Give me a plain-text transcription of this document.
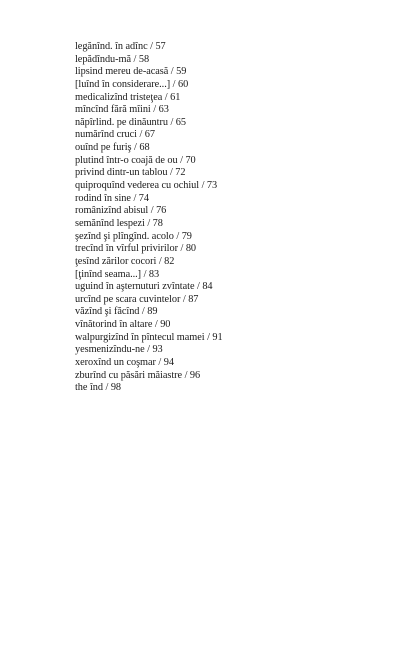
legănînd. în adînc / 57
lepădîndu-mă / 58
lipsind mereu de-acasă / 59
[luînd în considerare...] / 60
medicalizînd tristeţea / 61
mîncînd fără mîini / 63
năpîrlind. pe dinăuntru / 65
numărînd cruci / 67
ouînd pe furiş / 68
plutind într-o coajă de ou / 70
privind dintr-un tablou / 72
quiproquînd vederea cu ochiul / 73
rodind în sine / 74
românizînd abisul / 76
semănînd lespezi / 78
şezînd şi plîngînd. acolo / 79
trecînd în vîrful privirilor / 80
ţesînd zărilor cocori / 82
[ţinînd seama...] / 83
uguind în aşternuturi zvîntate / 84
urcînd pe scara cuvintelor / 87
văzînd şi făcînd / 89
vînătorind în altare / 90
walpurgizînd în pîntecul mamei / 91
yesmenizîndu-ne / 93
xeroxînd un coşmar / 94
zburînd cu păsări măiastre / 96
the înd / 98
